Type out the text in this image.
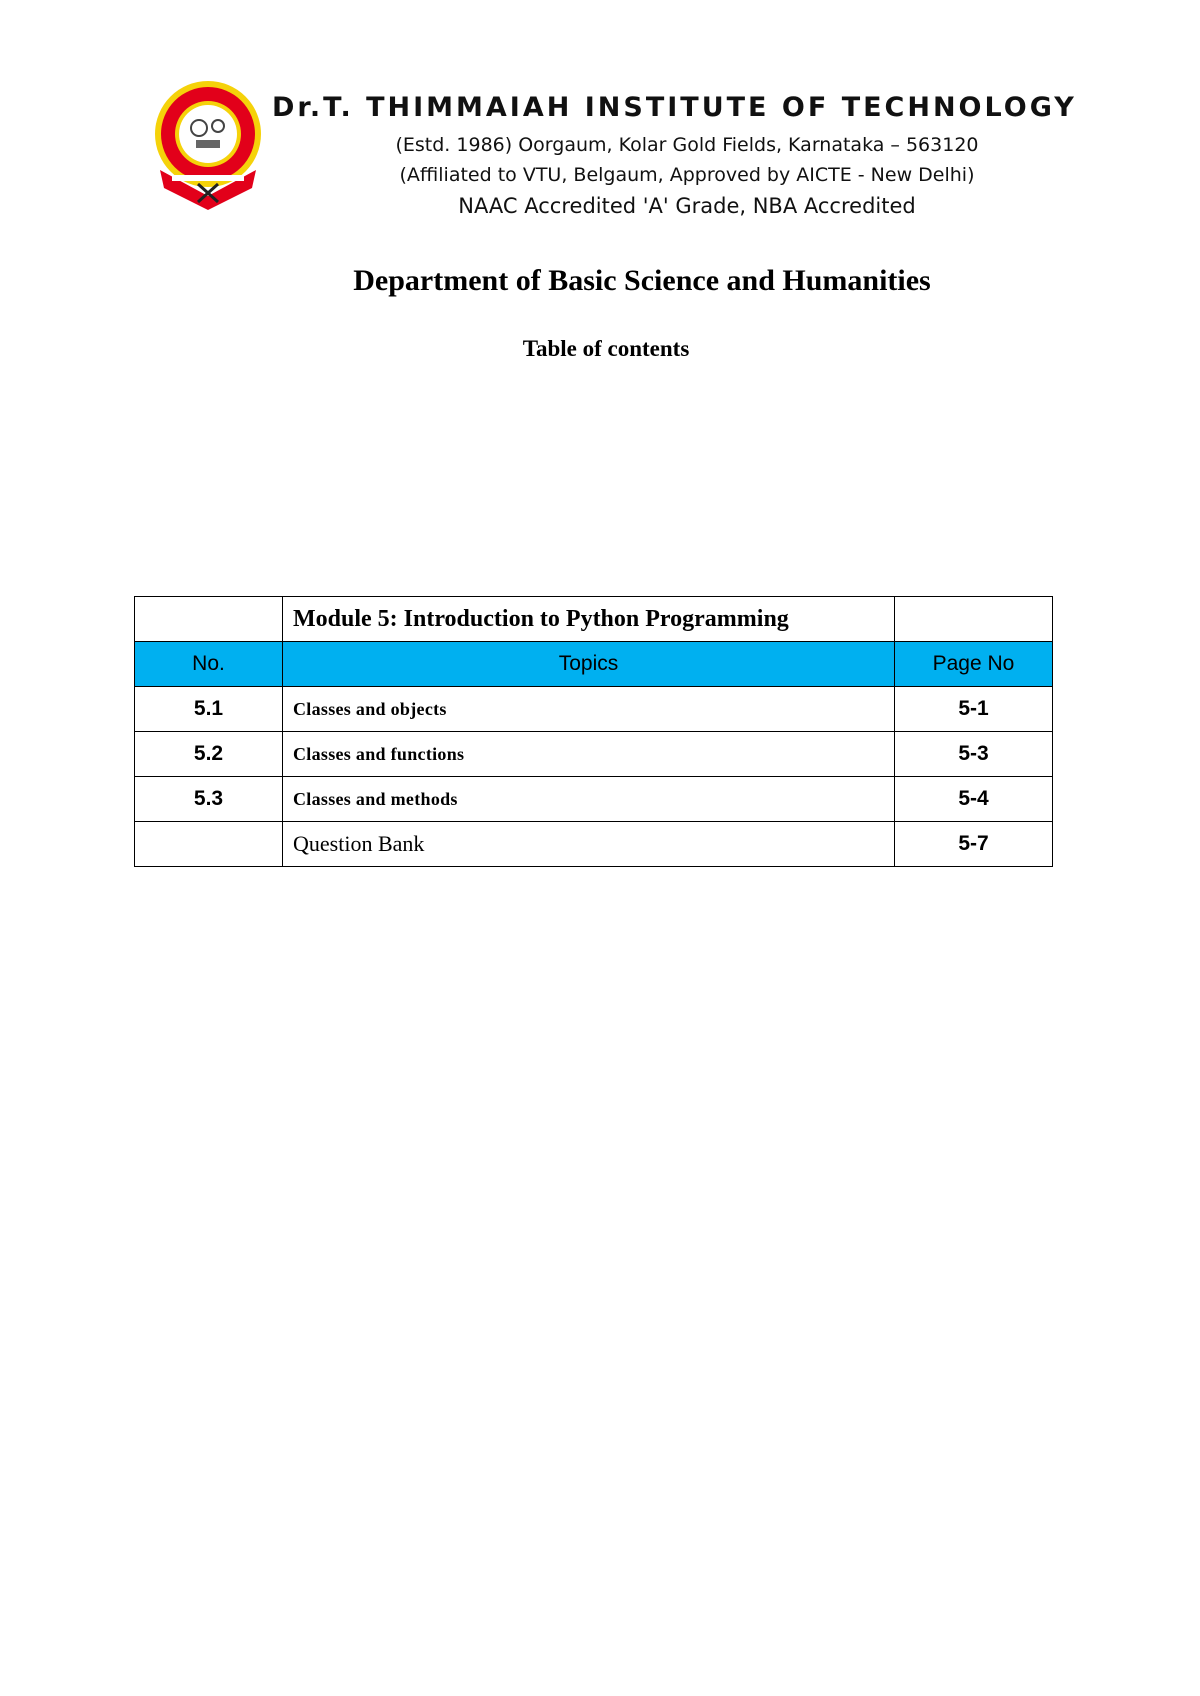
Dr.T. THIMMAIAH INSTITUTE OF TECHNOLOGY
(Estd. 1986) Oorgaum, Kolar Gold Fields, Karnataka – 563120
(Affiliated to VTU, Belgaum, Approved by AICTE - New Delhi)
NAAC Accredited 'A' Grade, NBA Accredited
Department of Basic Science and Humanities
Table of contents
	Module 5: Introduction to Python Programming	
No.	Topics	Page No
5.1	Classes and objects	5-1
5.2	Classes and functions	5-3
5.3	Classes and methods	5-4
	Question Bank	5-7
